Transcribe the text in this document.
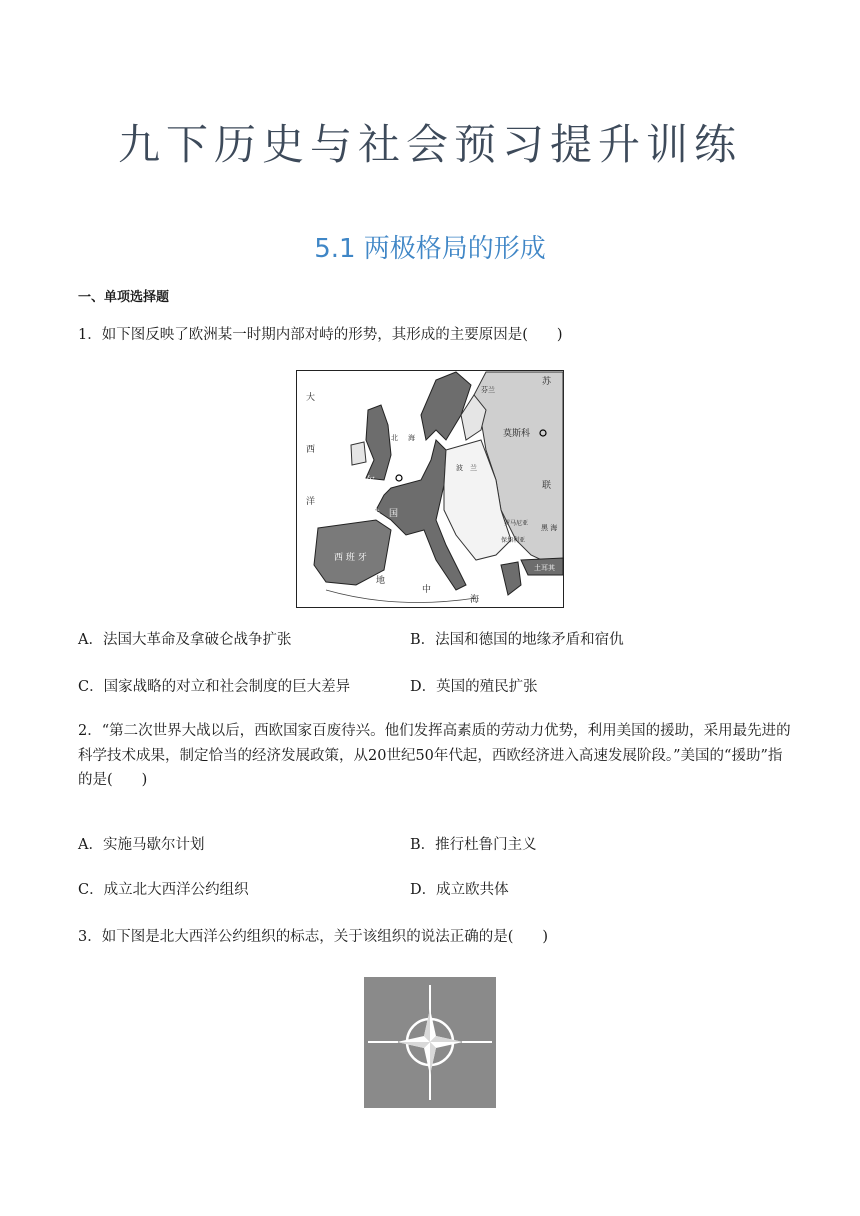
九下历史与社会预习提升训练
5.1 两极格局的形成
一、单项选择题
1．如下图反映了欧洲某一时期内部对峙的形势，其形成的主要原因是(　　)
大
西
洋
北 海
布鲁塞尔
莫斯科
法　国
西 班 牙
苏
联
地
中
海
波　兰
黑 海
芬兰
罗马尼亚
保加利亚
土耳其
A．法国大革命及拿破仑战争扩张	B．法国和德国的地缘矛盾和宿仇
C．国家战略的对立和社会制度的巨大差异	D．英国的殖民扩张
2．“第二次世界大战以后，西欧国家百废待兴。他们发挥高素质的劳动力优势，利用美国的援助，采用最先进的科学技术成果，制定恰当的经济发展政策，从20世纪50年代起，西欧经济进入高速发展阶段。”美国的“援助”指的是(　　)
A．实施马歇尔计划	B．推行杜鲁门主义
C．成立北大西洋公约组织	D．成立欧共体
3．如下图是北大西洋公约组织的标志，关于该组织的说法正确的是(　　)
